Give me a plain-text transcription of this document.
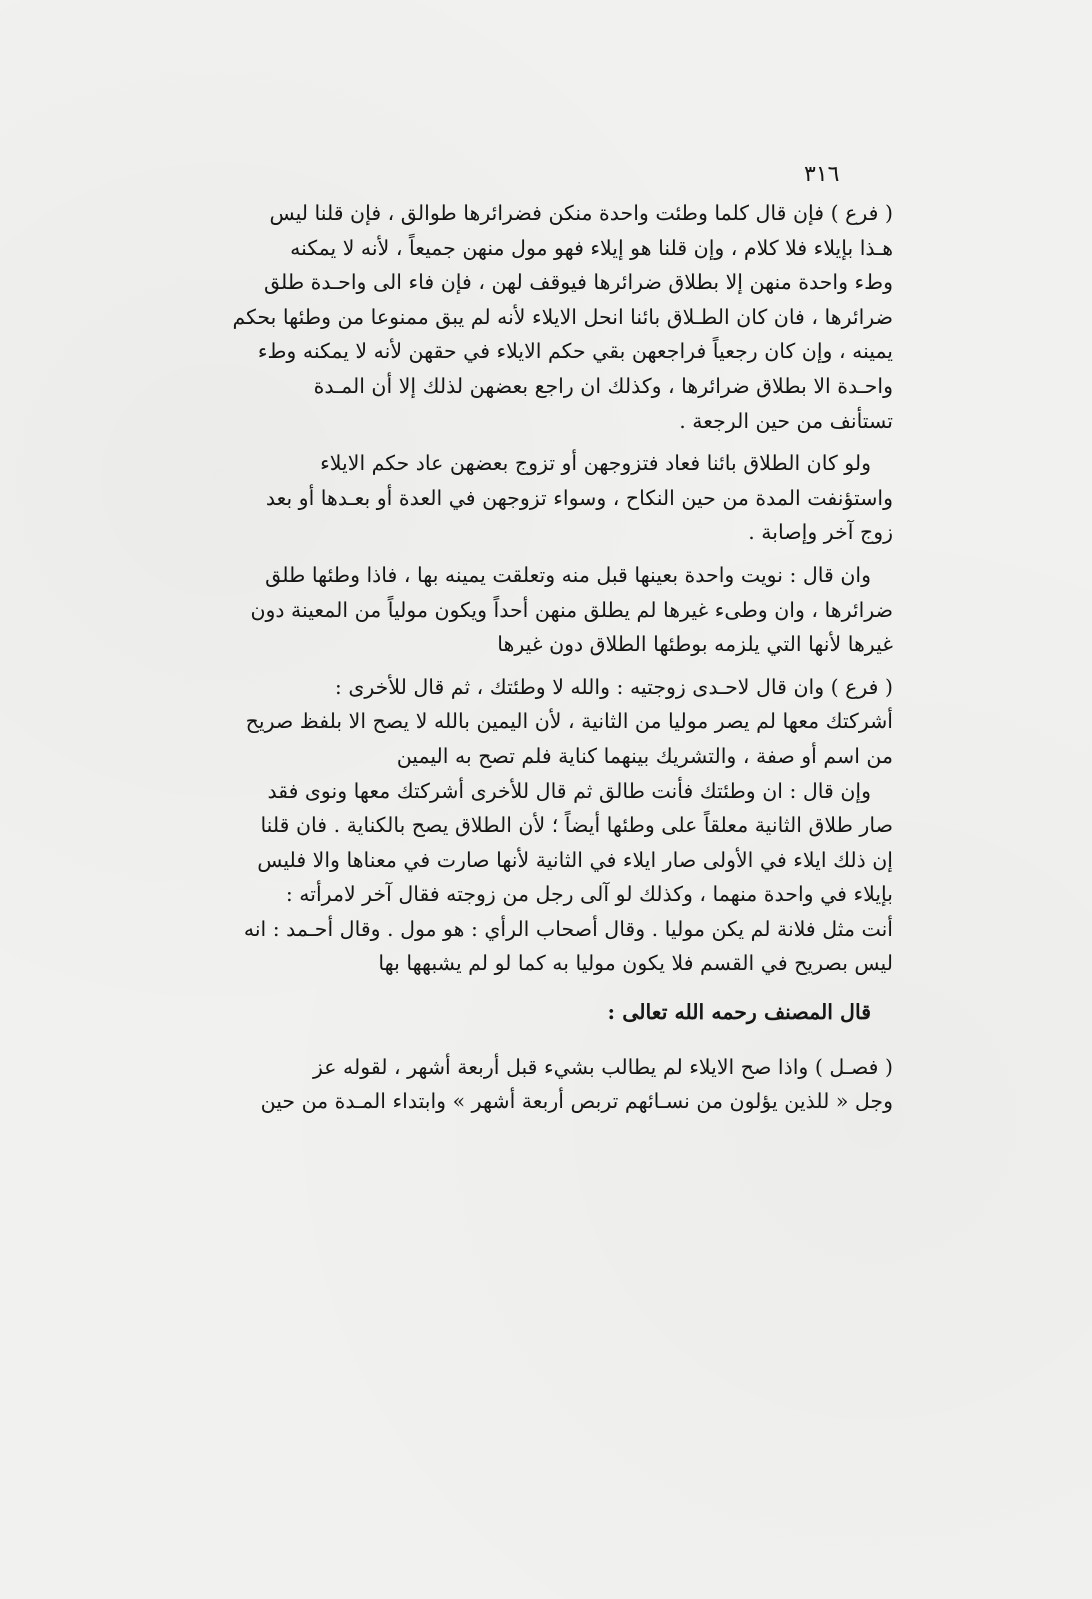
٣١٦
( فرع ) فإن قال كلما وطئت واحدة منكن فضرائرها طوالق ، فإن قلنا ليس
هـذا بإيلاء فلا كلام ، وإن قلنا هو إيلاء فهو مول منهن جميعاً ، لأنه لا يمكنه
وطء واحدة منهن إلا بطلاق ضرائرها فيوقف لهن ، فإن فاء الى واحـدة طلق
ضرائرها ، فان كان الطـلاق بائنا انحل الايلاء لأنه لم يبق ممنوعا من وطئها بحكم
يمينه ، وإن كان رجعياً فراجعهن بقي حكم الايلاء في حقهن لأنه لا يمكنه وطء
واحـدة الا بطلاق ضرائرها ، وكذلك ان راجع بعضهن لذلك إلا أن المـدة
تستأنف من حين الرجعة .
ولو كان الطلاق بائنا فعاد فتزوجهن أو تزوج بعضهن عاد حكم الايلاء
واستؤنفت المدة من حين النكاح ، وسواء تزوجهن في العدة أو بعـدها أو بعد
زوج آخر وإصابة .
وان قال : نويت واحدة بعينها قبل منه وتعلقت يمينه بها ، فاذا وطئها طلق
ضرائرها ، وان وطىء غيرها لم يطلق منهن أحداً ويكون مولياً من المعينة دون
غيرها لأنها التي يلزمه بوطئها الطلاق دون غيرها
( فرع ) وان قال لاحـدى زوجتيه : والله لا وطئتك ، ثم قال للأخرى :
أشركتك معها لم يصر موليا من الثانية ، لأن اليمين بالله لا يصح الا بلفظ صريح
من اسم أو صفة ، والتشريك بينهما كناية فلم تصح به اليمين
وإن قال : ان وطئتك فأنت طالق ثم قال للأخرى أشركتك معها ونوى فقد
صار طلاق الثانية معلقاً على وطئها أيضاً ؛ لأن الطلاق يصح بالكناية . فان قلنا
إن ذلك ايلاء في الأولى صار ايلاء في الثانية لأنها صارت في معناها والا فليس
بإيلاء في واحدة منهما ، وكذلك لو آلى رجل من زوجته فقال آخر لامرأته :
أنت مثل فلانة لم يكن موليا . وقال أصحاب الرأي : هو مول . وقال أحـمد : انه
ليس بصريح في القسم فلا يكون موليا به كما لو لم يشبهها بها
قال المصنف رحمه الله تعالى :
( فصـل ) واذا صح الايلاء لم يطالب بشيء قبل أربعة أشهر ، لقوله عز
وجل « للذين يؤلون من نسـائهم تربص أربعة أشهر » وابتداء المـدة من حين
